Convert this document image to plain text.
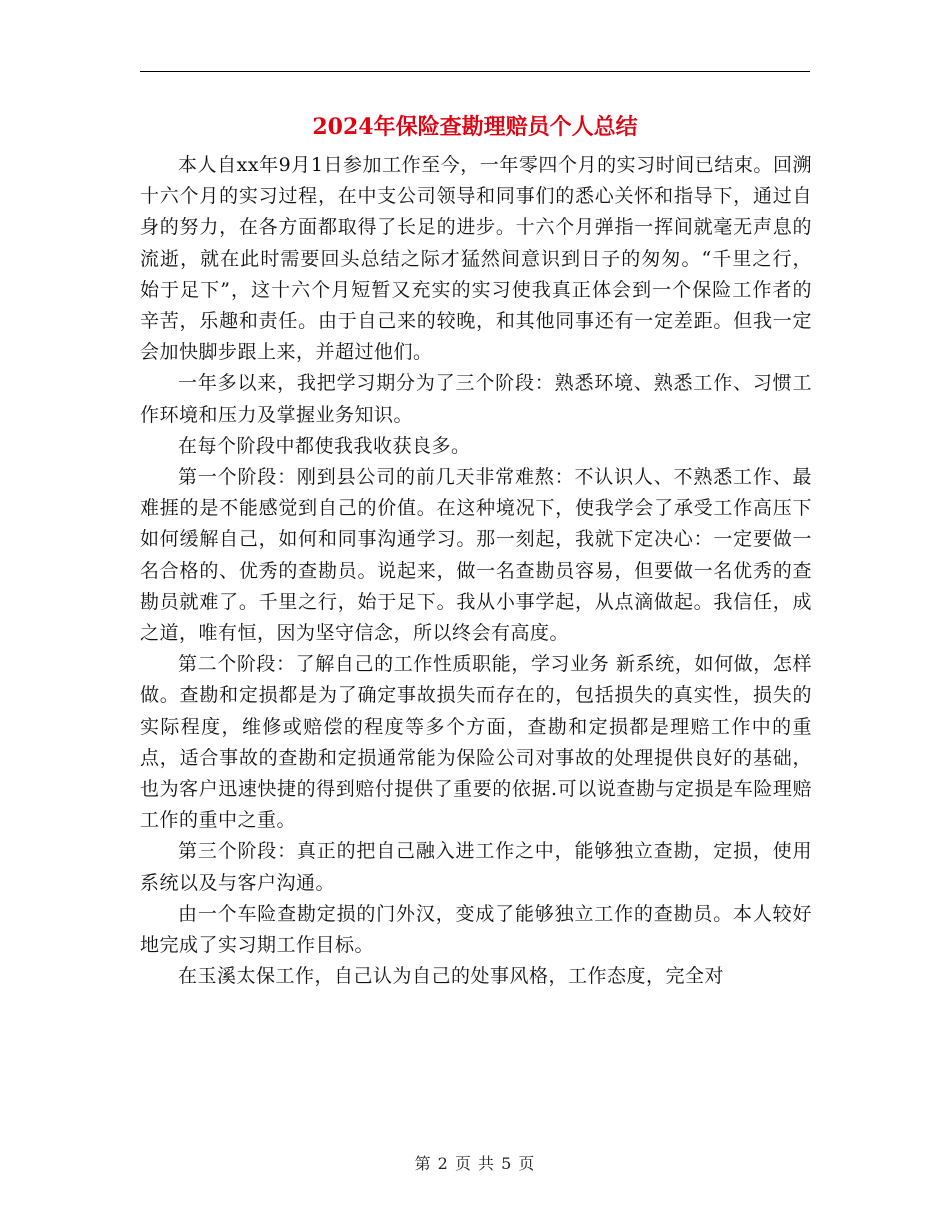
2024年保险查勘理赔员个人总结

本人自xx年9月1日参加工作至今，一年零四个月的实习时间已结束。回溯十六个月的实习过程，在中支公司领导和同事们的悉心关怀和指导下，通过自身的努力，在各方面都取得了长足的进步。十六个月弹指一挥间就毫无声息的流逝，就在此时需要回头总结之际才猛然间意识到日子的匆匆。“千里之行，始于足下”，这十六个月短暂又充实的实习使我真正体会到一个保险工作者的辛苦，乐趣和责任。由于自己来的较晚，和其他同事还有一定差距。但我一定会加快脚步跟上来，并超过他们。

一年多以来，我把学习期分为了三个阶段：熟悉环境、熟悉工作、习惯工作环境和压力及掌握业务知识。

在每个阶段中都使我我收获良多。

第一个阶段：刚到县公司的前几天非常难熬：不认识人、不熟悉工作、最难捱的是不能感觉到自己的价值。在这种境况下，使我学会了承受工作高压下如何缓解自己，如何和同事沟通学习。那一刻起，我就下定决心：一定要做一名合格的、优秀的查勘员。说起来，做一名查勘员容易，但要做一名优秀的查勘员就难了。千里之行，始于足下。我从小事学起，从点滴做起。我信任，成之道，唯有恒，因为坚守信念，所以终会有高度。

第二个阶段：了解自己的工作性质职能，学习业务 新系统，如何做，怎样做。查勘和定损都是为了确定事故损失而存在的，包括损失的真实性，损失的实际程度，维修或赔偿的程度等多个方面，查勘和定损都是理赔工作中的重点，适合事故的查勘和定损通常能为保险公司对事故的处理提供良好的基础，也为客户迅速快捷的得到赔付提供了重要的依据.可以说查勘与定损是车险理赔工作的重中之重。

第三个阶段：真正的把自己融入进工作之中，能够独立查勘，定损，使用系统以及与客户沟通。

由一个车险查勘定损的门外汉，变成了能够独立工作的查勘员。本人较好地完成了实习期工作目标。

在玉溪太保工作，自己认为自己的处事风格，工作态度，完全对

第 2 页 共 5 页
